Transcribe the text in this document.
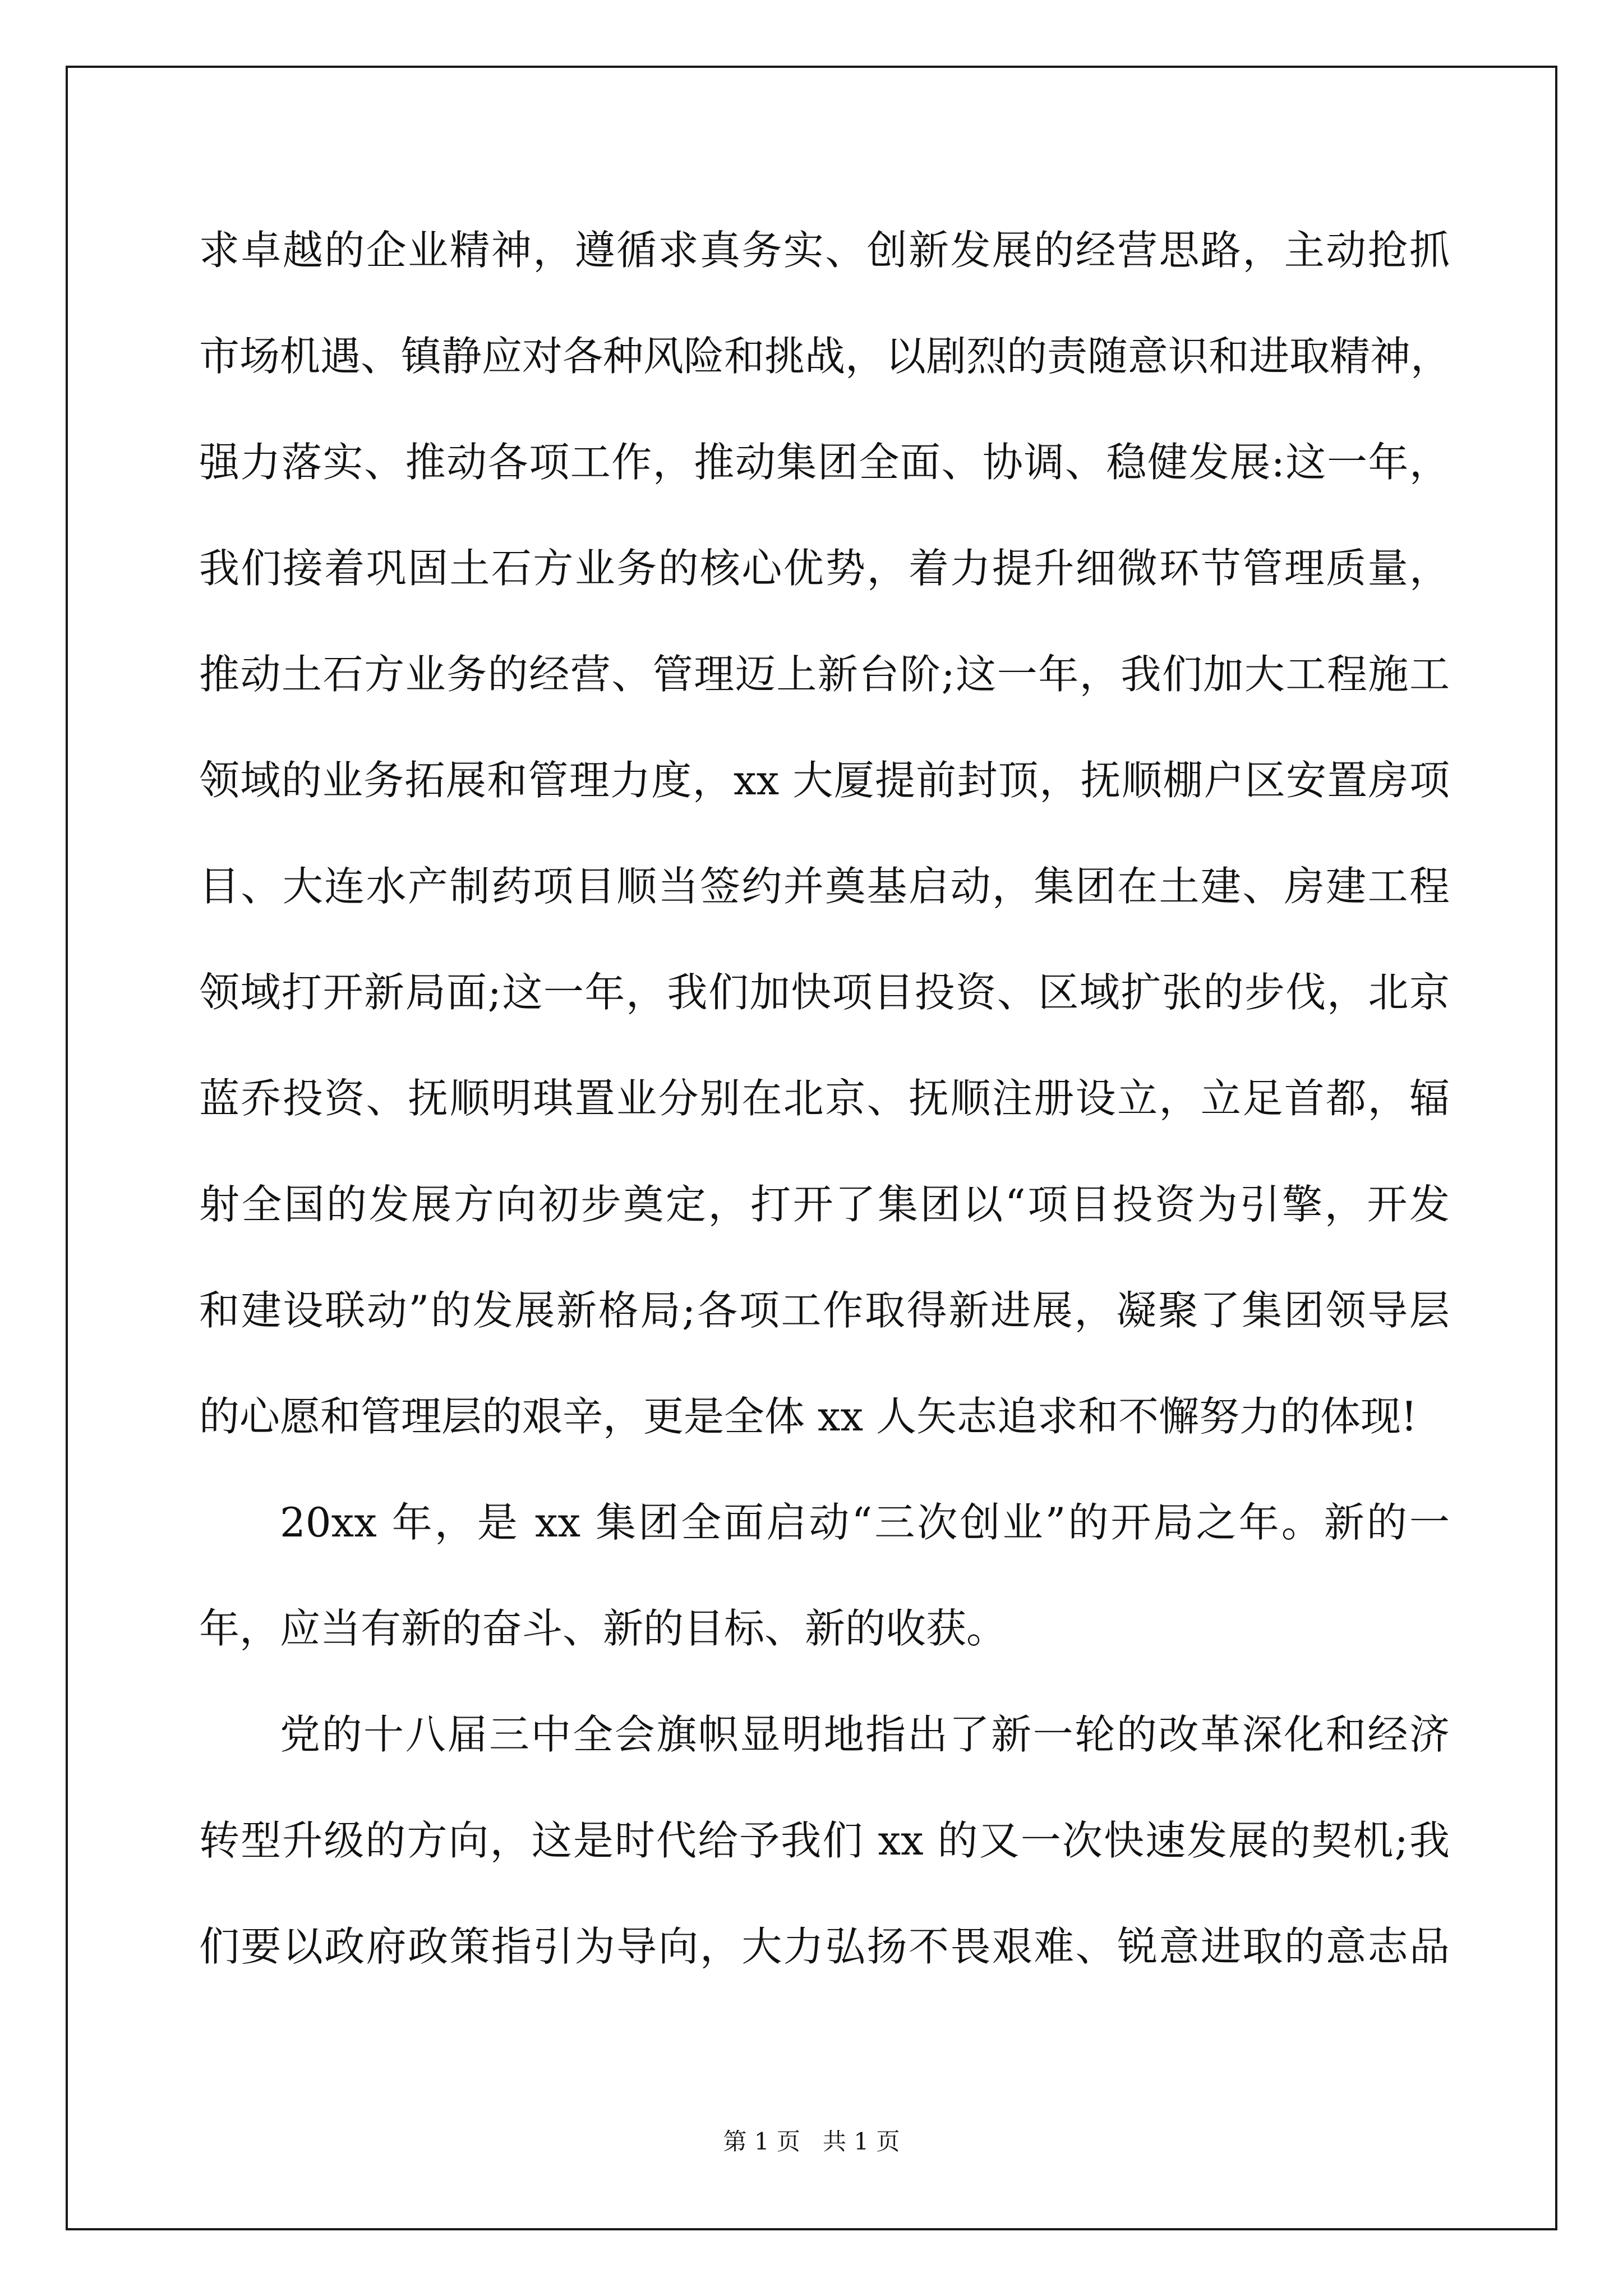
求卓越的企业精神，遵循求真务实、创新发展的经营思路，主动抢抓
市场机遇、镇静应对各种风险和挑战，以剧烈的责随意识和进取精神，
强力落实、推动各项工作，推动集团全面、协调、稳健发展:这一年，
我们接着巩固土石方业务的核心优势，着力提升细微环节管理质量，
推动土石方业务的经营、管理迈上新台阶;这一年，我们加大工程施工
领域的业务拓展和管理力度，xx 大厦提前封顶，抚顺棚户区安置房项
目、大连水产制药项目顺当签约并奠基启动，集团在土建、房建工程
领域打开新局面;这一年，我们加快项目投资、区域扩张的步伐，北京
蓝乔投资、抚顺明琪置业分别在北京、抚顺注册设立，立足首都，辐
射全国的发展方向初步奠定，打开了集团以“项目投资为引擎，开发
和建设联动”的发展新格局;各项工作取得新进展，凝聚了集团领导层
的心愿和管理层的艰辛，更是全体 xx 人矢志追求和不懈努力的体现!
20xx 年，是 xx 集团全面启动“三次创业”的开局之年。新的一
年，应当有新的奋斗、新的目标、新的收获。
党的十八届三中全会旗帜显明地指出了新一轮的改革深化和经济
转型升级的方向，这是时代给予我们 xx 的又一次快速发展的契机;我
们要以政府政策指引为导向，大力弘扬不畏艰难、锐意进取的意志品
第 1 页   共 1 页
